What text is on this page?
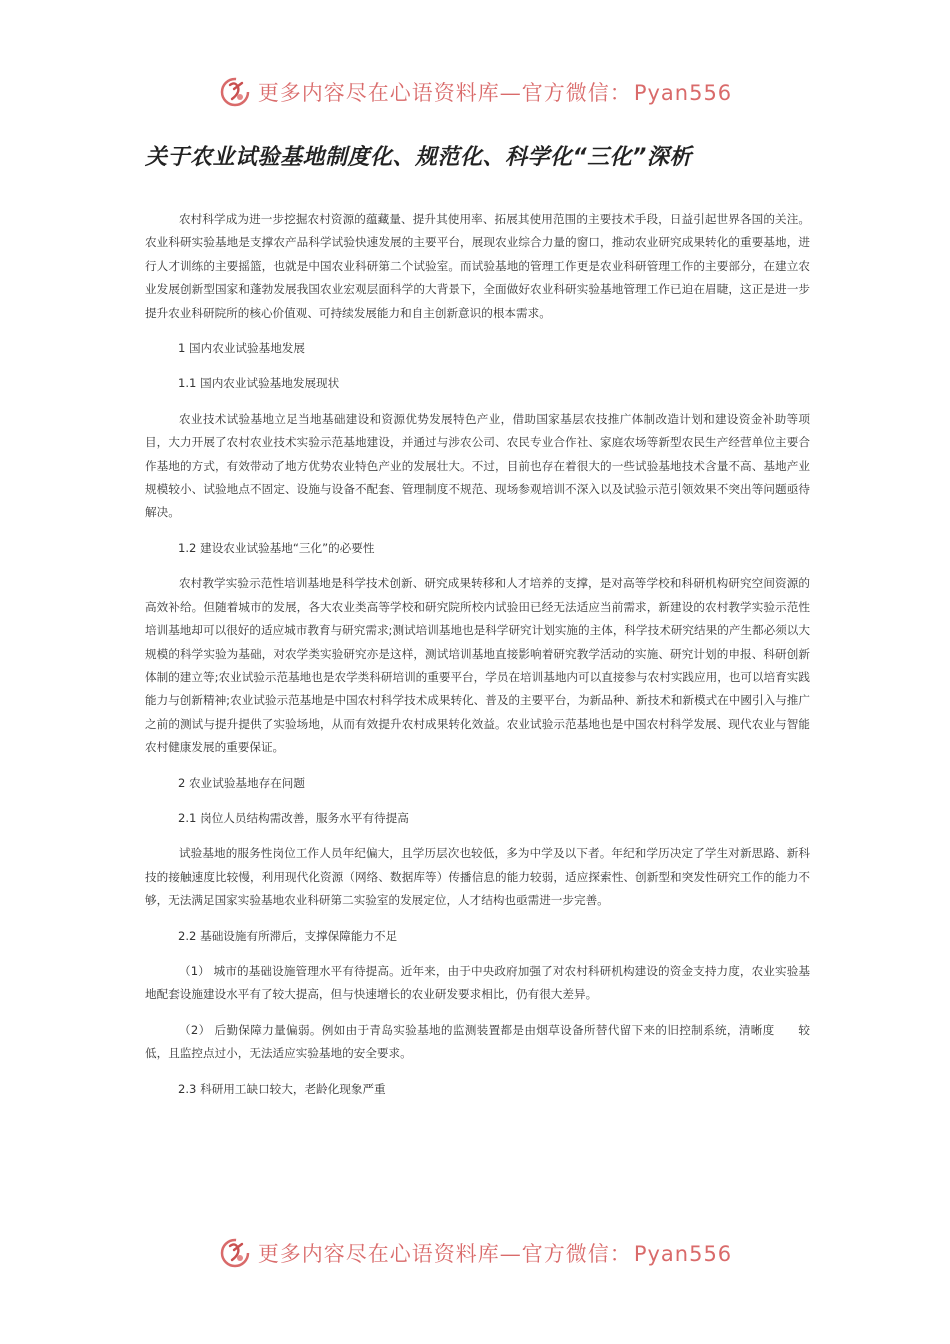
更多内容尽在心语资料库—官方微信：Pyan556
关于农业试验基地制度化、规范化、科学化“三化”深析

农村科学成为进一步挖掘农村资源的蕴藏量、提升其使用率、拓展其使用范围的主要技术手段，日益引起世界各国的关注。农业科研实验基地是支撑农产品科学试验快速发展的主要平台，展现农业综合力量的窗口，推动农业研究成果转化的重要基地，进行人才训练的主要摇篮，也就是中国农业科研第二个试验室。而试验基地的管理工作更是农业科研管理工作的主要部分，在建立农业发展创新型国家和蓬勃发展我国农业宏观层面科学的大背景下，全面做好农业科研实验基地管理工作已迫在眉睫，这正是进一步提升农业科研院所的核心价值观、可持续发展能力和自主创新意识的根本需求。

1 国内农业试验基地发展

1.1 国内农业试验基地发展现状

农业技术试验基地立足当地基础建设和资源优势发展特色产业，借助国家基层农技推广体制改造计划和建设资金补助等项目，大力开展了农村农业技术实验示范基地建设，并通过与涉农公司、农民专业合作社、家庭农场等新型农民生产经营单位主要合作基地的方式，有效带动了地方优势农业特色产业的发展壮大。不过，目前也存在着很大的一些试验基地技术含量不高、基地产业规模较小、试验地点不固定、设施与设备不配套、管理制度不规范、现场参观培训不深入以及试验示范引领效果不突出等问题亟待解决。

1.2 建设农业试验基地“三化”的必要性

农村教学实验示范性培训基地是科学技术创新、研究成果转移和人才培养的支撑，是对高等学校和科研机构研究空间资源的高效补给。但随着城市的发展，各大农业类高等学校和研究院所校内试验田已经无法适应当前需求，新建设的农村教学实验示范性培训基地却可以很好的适应城市教育与研究需求;测试培训基地也是科学研究计划实施的主体，科学技术研究结果的产生都必须以大规模的科学实验为基础，对农学类实验研究亦是这样，测试培训基地直接影响着研究教学活动的实施、研究计划的申报、科研创新体制的建立等;农业试验示范基地也是农学类科研培训的重要平台，学员在培训基地内可以直接参与农村实践应用，也可以培育实践能力与创新精神;农业试验示范基地是中国农村科学技术成果转化、普及的主要平台，为新品种、新技术和新模式在中國引入与推广之前的测试与提升提供了实验场地，从而有效提升农村成果转化效益。农业试验示范基地也是中国农村科学发展、现代农业与智能农村健康发展的重要保证。

2 农业试验基地存在问题

2.1 岗位人员结构需改善，服务水平有待提高

试验基地的服务性岗位工作人员年纪偏大，且学历层次也较低，多为中学及以下者。年纪和学历决定了学生对新思路、新科技的接触速度比较慢，利用现代化资源（网络、数据库等）传播信息的能力较弱，适应探索性、创新型和突发性研究工作的能力不够，无法满足国家实验基地农业科研第二实验室的发展定位，人才结构也亟需进一步完善。

2.2 基础设施有所滞后，支撑保障能力不足

（1） 城市的基础设施管理水平有待提高。近年来，由于中央政府加强了对农村科研机构建设的资金支持力度，农业实验基地配套设施建设水平有了较大提高，但与快速增长的农业研发要求相比，仍有很大差异。

（2） 后勤保障力量偏弱。例如由于青岛实验基地的监测装置都是由烟草设备所替代留下来的旧控制系统，清晰度　　较低，且监控点过小，无法适应实验基地的安全要求。

2.3 科研用工缺口较大，老龄化现象严重

更多内容尽在心语资料库—官方微信：Pyan556
